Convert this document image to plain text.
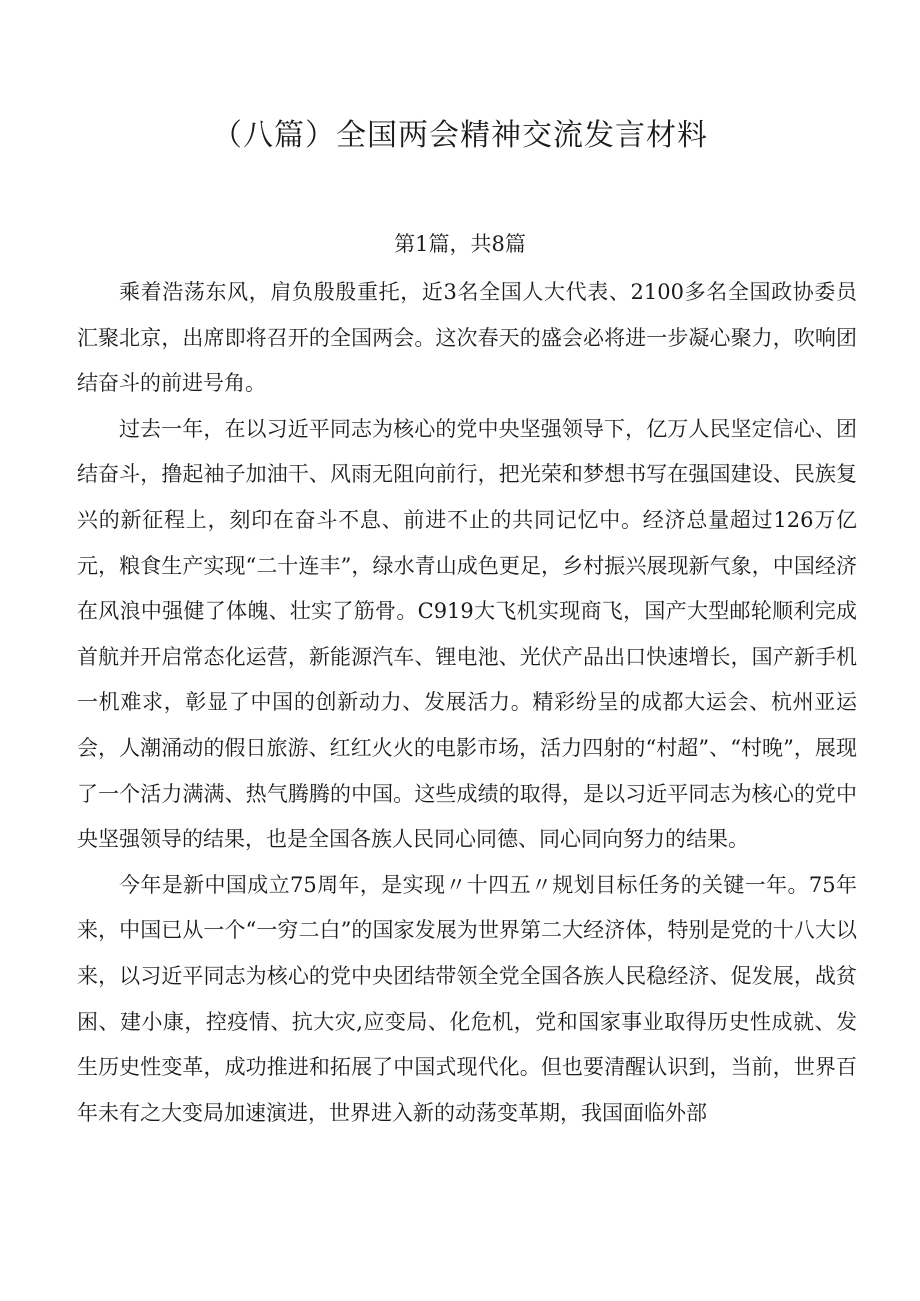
（八篇）全国两会精神交流发言材料
第1篇，共8篇

乘着浩荡东风，肩负殷殷重托，近3名全国人大代表、2100多名全国政协委员汇聚北京，出席即将召开的全国两会。这次春天的盛会必将进一步凝心聚力，吹响团结奋斗的前进号角。

过去一年，在以习近平同志为核心的党中央坚强领导下，亿万人民坚定信心、团结奋斗，撸起袖子加油干、风雨无阻向前行，把光荣和梦想书写在强国建设、民族复兴的新征程上，刻印在奋斗不息、前进不止的共同记忆中。经济总量超过126万亿元，粮食生产实现“二十连丰”，绿水青山成色更足，乡村振兴展现新气象，中国经济在风浪中强健了体魄、壮实了筋骨。C919大飞机实现商飞，国产大型邮轮顺利完成首航并开启常态化运营，新能源汽车、锂电池、光伏产品出口快速增长，国产新手机一机难求，彰显了中国的创新动力、发展活力。精彩纷呈的成都大运会、杭州亚运会，人潮涌动的假日旅游、红红火火的电影市场，活力四射的“村超”、“村晚”，展现了一个活力满满、热气腾腾的中国。这些成绩的取得，是以习近平同志为核心的党中央坚强领导的结果，也是全国各族人民同心同德、同心同向努力的结果。

今年是新中国成立75周年，是实现〃十四五〃规划目标任务的关键一年。75年来，中国已从一个“一穷二白”的国家发展为世界第二大经济体，特别是党的十八大以来，以习近平同志为核心的党中央团结带领全党全国各族人民稳经济、促发展，战贫困、建小康，控疫情、抗大灾,应变局、化危机，党和国家事业取得历史性成就、发生历史性变革，成功推进和拓展了中国式现代化。但也要清醒认识到，当前，世界百年未有之大变局加速演进，世界进入新的动荡变革期，我国面临外部
